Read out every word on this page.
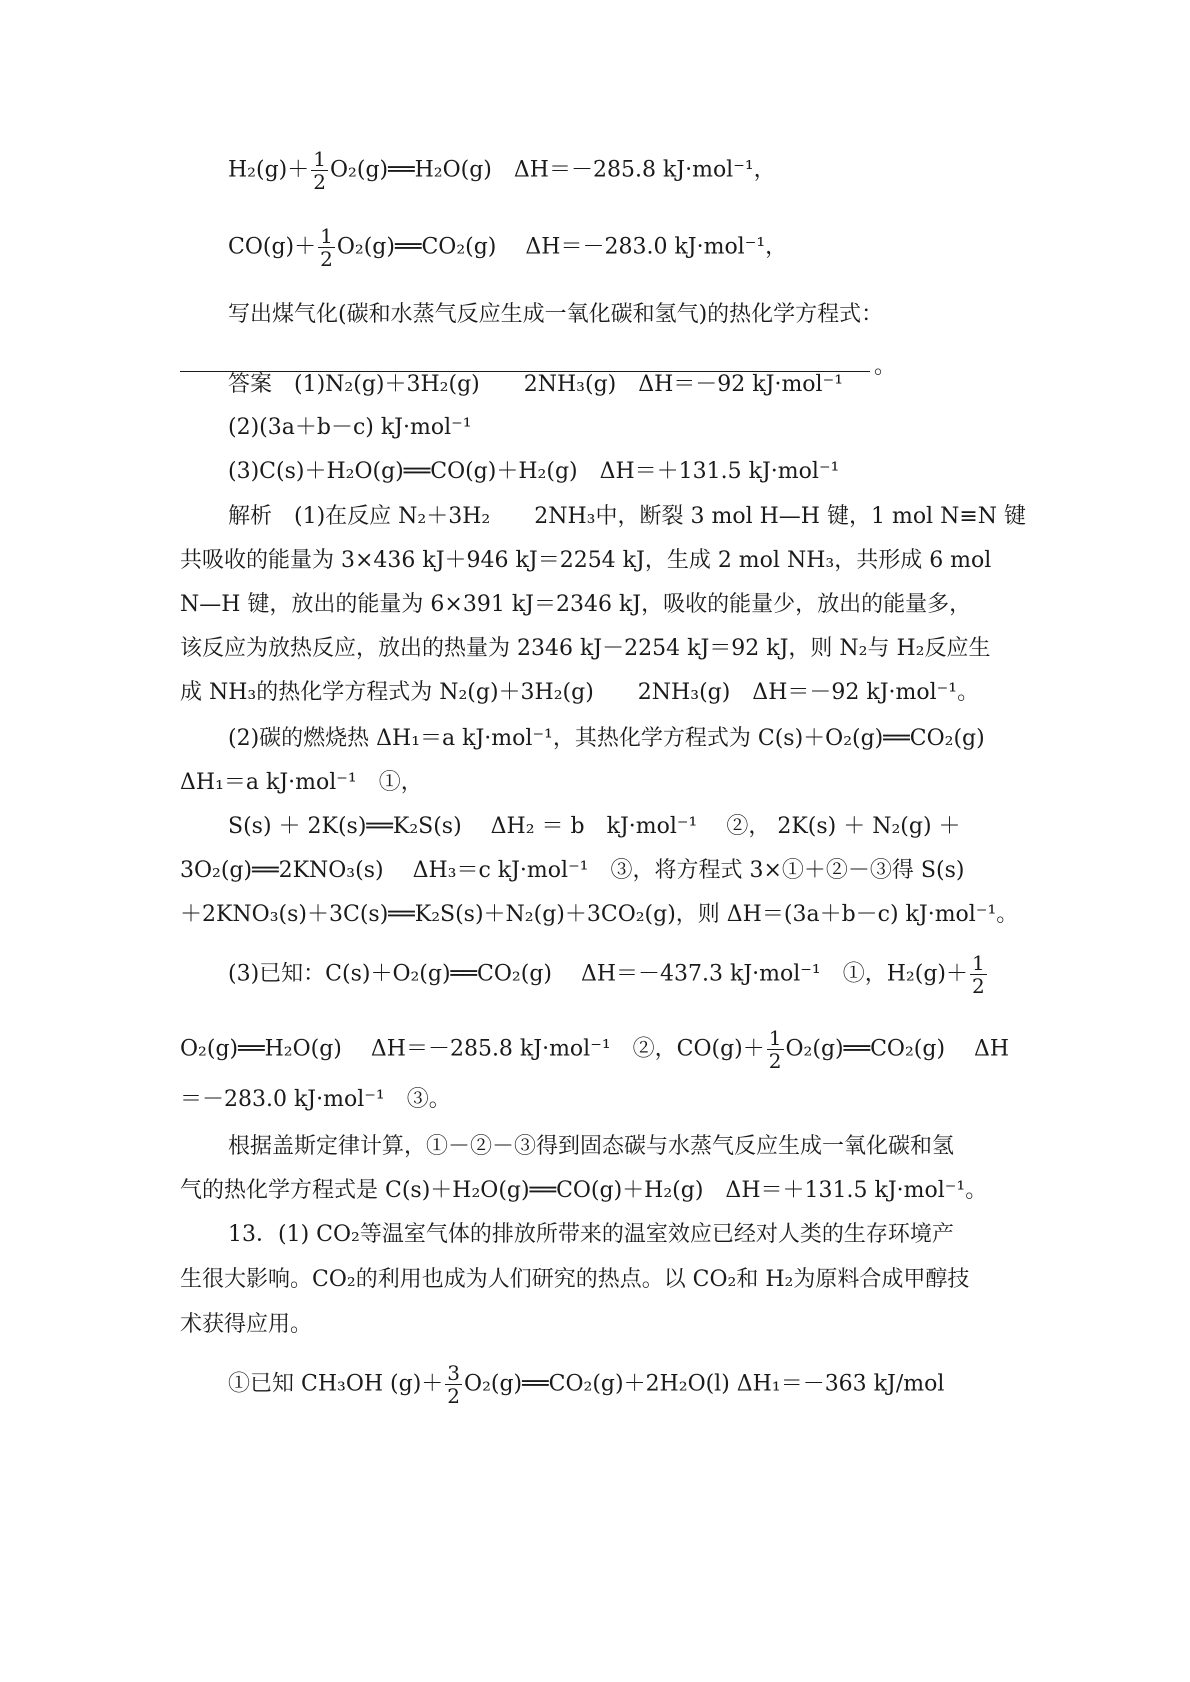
$H_2(g)+ \frac{1}{2}$ O₂(g)══H₂O(g)　ΔH＝－285.8 kJ·mol⁻¹，
$CO(g)+ \frac{1}{2}$ O₂(g)══CO₂(g)　 ΔH＝－283.0 kJ·mol⁻¹，
写出煤气化(碳和水蒸气反应生成一氧化碳和氢气)的热化学方程式：
。
答案　(1)N₂(g)＋3H₂(g)　　2NH₃(g)　ΔH＝－92 kJ·mol⁻¹
(2)(3a＋b－c) kJ·mol⁻¹
(3)C(s)＋H₂O(g)══CO(g)＋H₂(g)　ΔH＝＋131.5 kJ·mol⁻¹
解析　(1)在反应 N₂＋3H₂　　2NH₃中，断裂 3 mol H—H 键，1 mol N≡N 键
共吸收的能量为 3×436 kJ＋946 kJ＝2254 kJ，生成 2 mol NH₃，共形成 6 mol
N—H 键，放出的能量为 6×391 kJ＝2346 kJ，吸收的能量少，放出的能量多，
该反应为放热反应，放出的热量为 2346 kJ－2254 kJ＝92 kJ，则 N₂与 H₂反应生
成 NH₃的热化学方程式为 N₂(g)＋3H₂(g)　　2NH₃(g)　ΔH＝－92 kJ·mol⁻¹。
(2)碳的燃烧热 ΔH₁＝a kJ·mol⁻¹，其热化学方程式为 C(s)＋O₂(g)══CO₂(g)
ΔH₁＝a kJ·mol⁻¹　①，
S(s) ＋ 2K(s)══K₂S(s)　 ΔH₂ ＝ b　kJ·mol⁻¹　 ②， 2K(s) ＋ N₂(g) ＋
3O₂(g)══2KNO₃(s)　 ΔH₃＝c kJ·mol⁻¹　③，将方程式 3×①＋②－③得 S(s)
＋2KNO₃(s)＋3C(s)══K₂S(s)＋N₂(g)＋3CO₂(g)，则 ΔH＝(3a＋b－c) kJ·mol⁻¹。
(3)已知：C(s)＋O₂(g)══CO₂(g)　 ΔH＝－437.3 kJ·mol⁻¹　①，$H_2(g)+ \frac{1}{2}$
O₂(g)══H₂O(g)　 ΔH＝－285.8 kJ·mol⁻¹　②，$CO(g)+ \frac{1}{2}$ O₂(g)══CO₂(g)　 ΔH
＝－283.0 kJ·mol⁻¹　③。
根据盖斯定律计算，①－②－③得到固态碳与水蒸气反应生成一氧化碳和氢
气的热化学方程式是 C(s)＋H₂O(g)══CO(g)＋H₂(g)　ΔH＝＋131.5 kJ·mol⁻¹。
13．(1) CO₂等温室气体的排放所带来的温室效应已经对人类的生存环境产
生很大影响。CO₂的利用也成为人们研究的热点。以 CO₂和 H₂为原料合成甲醇技
术获得应用。
①已知 CH₃OH $(g)+ \frac{3}{2}$ O₂(g)══CO₂(g)＋2H₂O(l) ΔH₁＝－363 kJ/mol
